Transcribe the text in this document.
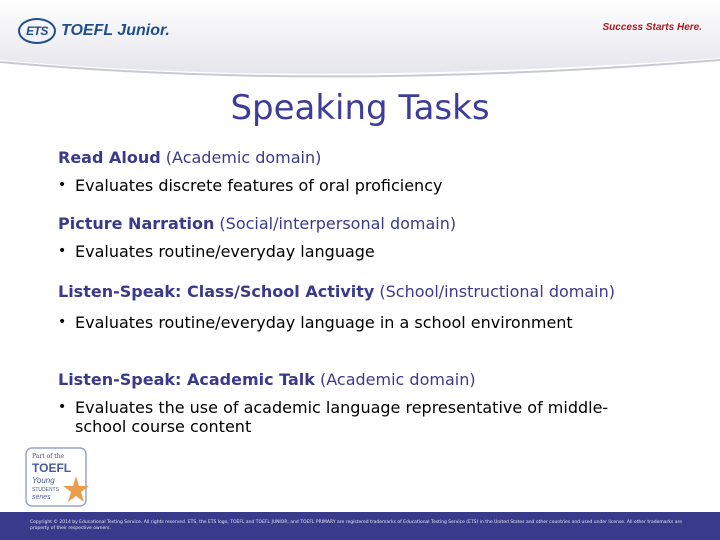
ETS TOEFL Junior.	Success Starts Here.
Speaking Tasks
Read Aloud (Academic domain)
• Evaluates discrete features of oral proficiency
Picture Narration (Social/interpersonal domain)
• Evaluates routine/everyday language
Listen-Speak: Class/School Activity (School/instructional domain)
• Evaluates routine/everyday language in a school environment
Listen-Speak: Academic Talk (Academic domain)
• Evaluates the use of academic language representative of middle-school course content
Part of the
TOEFL
Young
STUDENTS
series
Copyright © 2014 by Educational Testing Service. All rights reserved. ETS, the ETS logo, TOEFL and TOEFL JUNIOR, and TOEFL PRIMARY are registered trademarks of Educational Testing Service (ETS) in the United States and other countries and used under license. All other trademarks are property of their respective owners.
